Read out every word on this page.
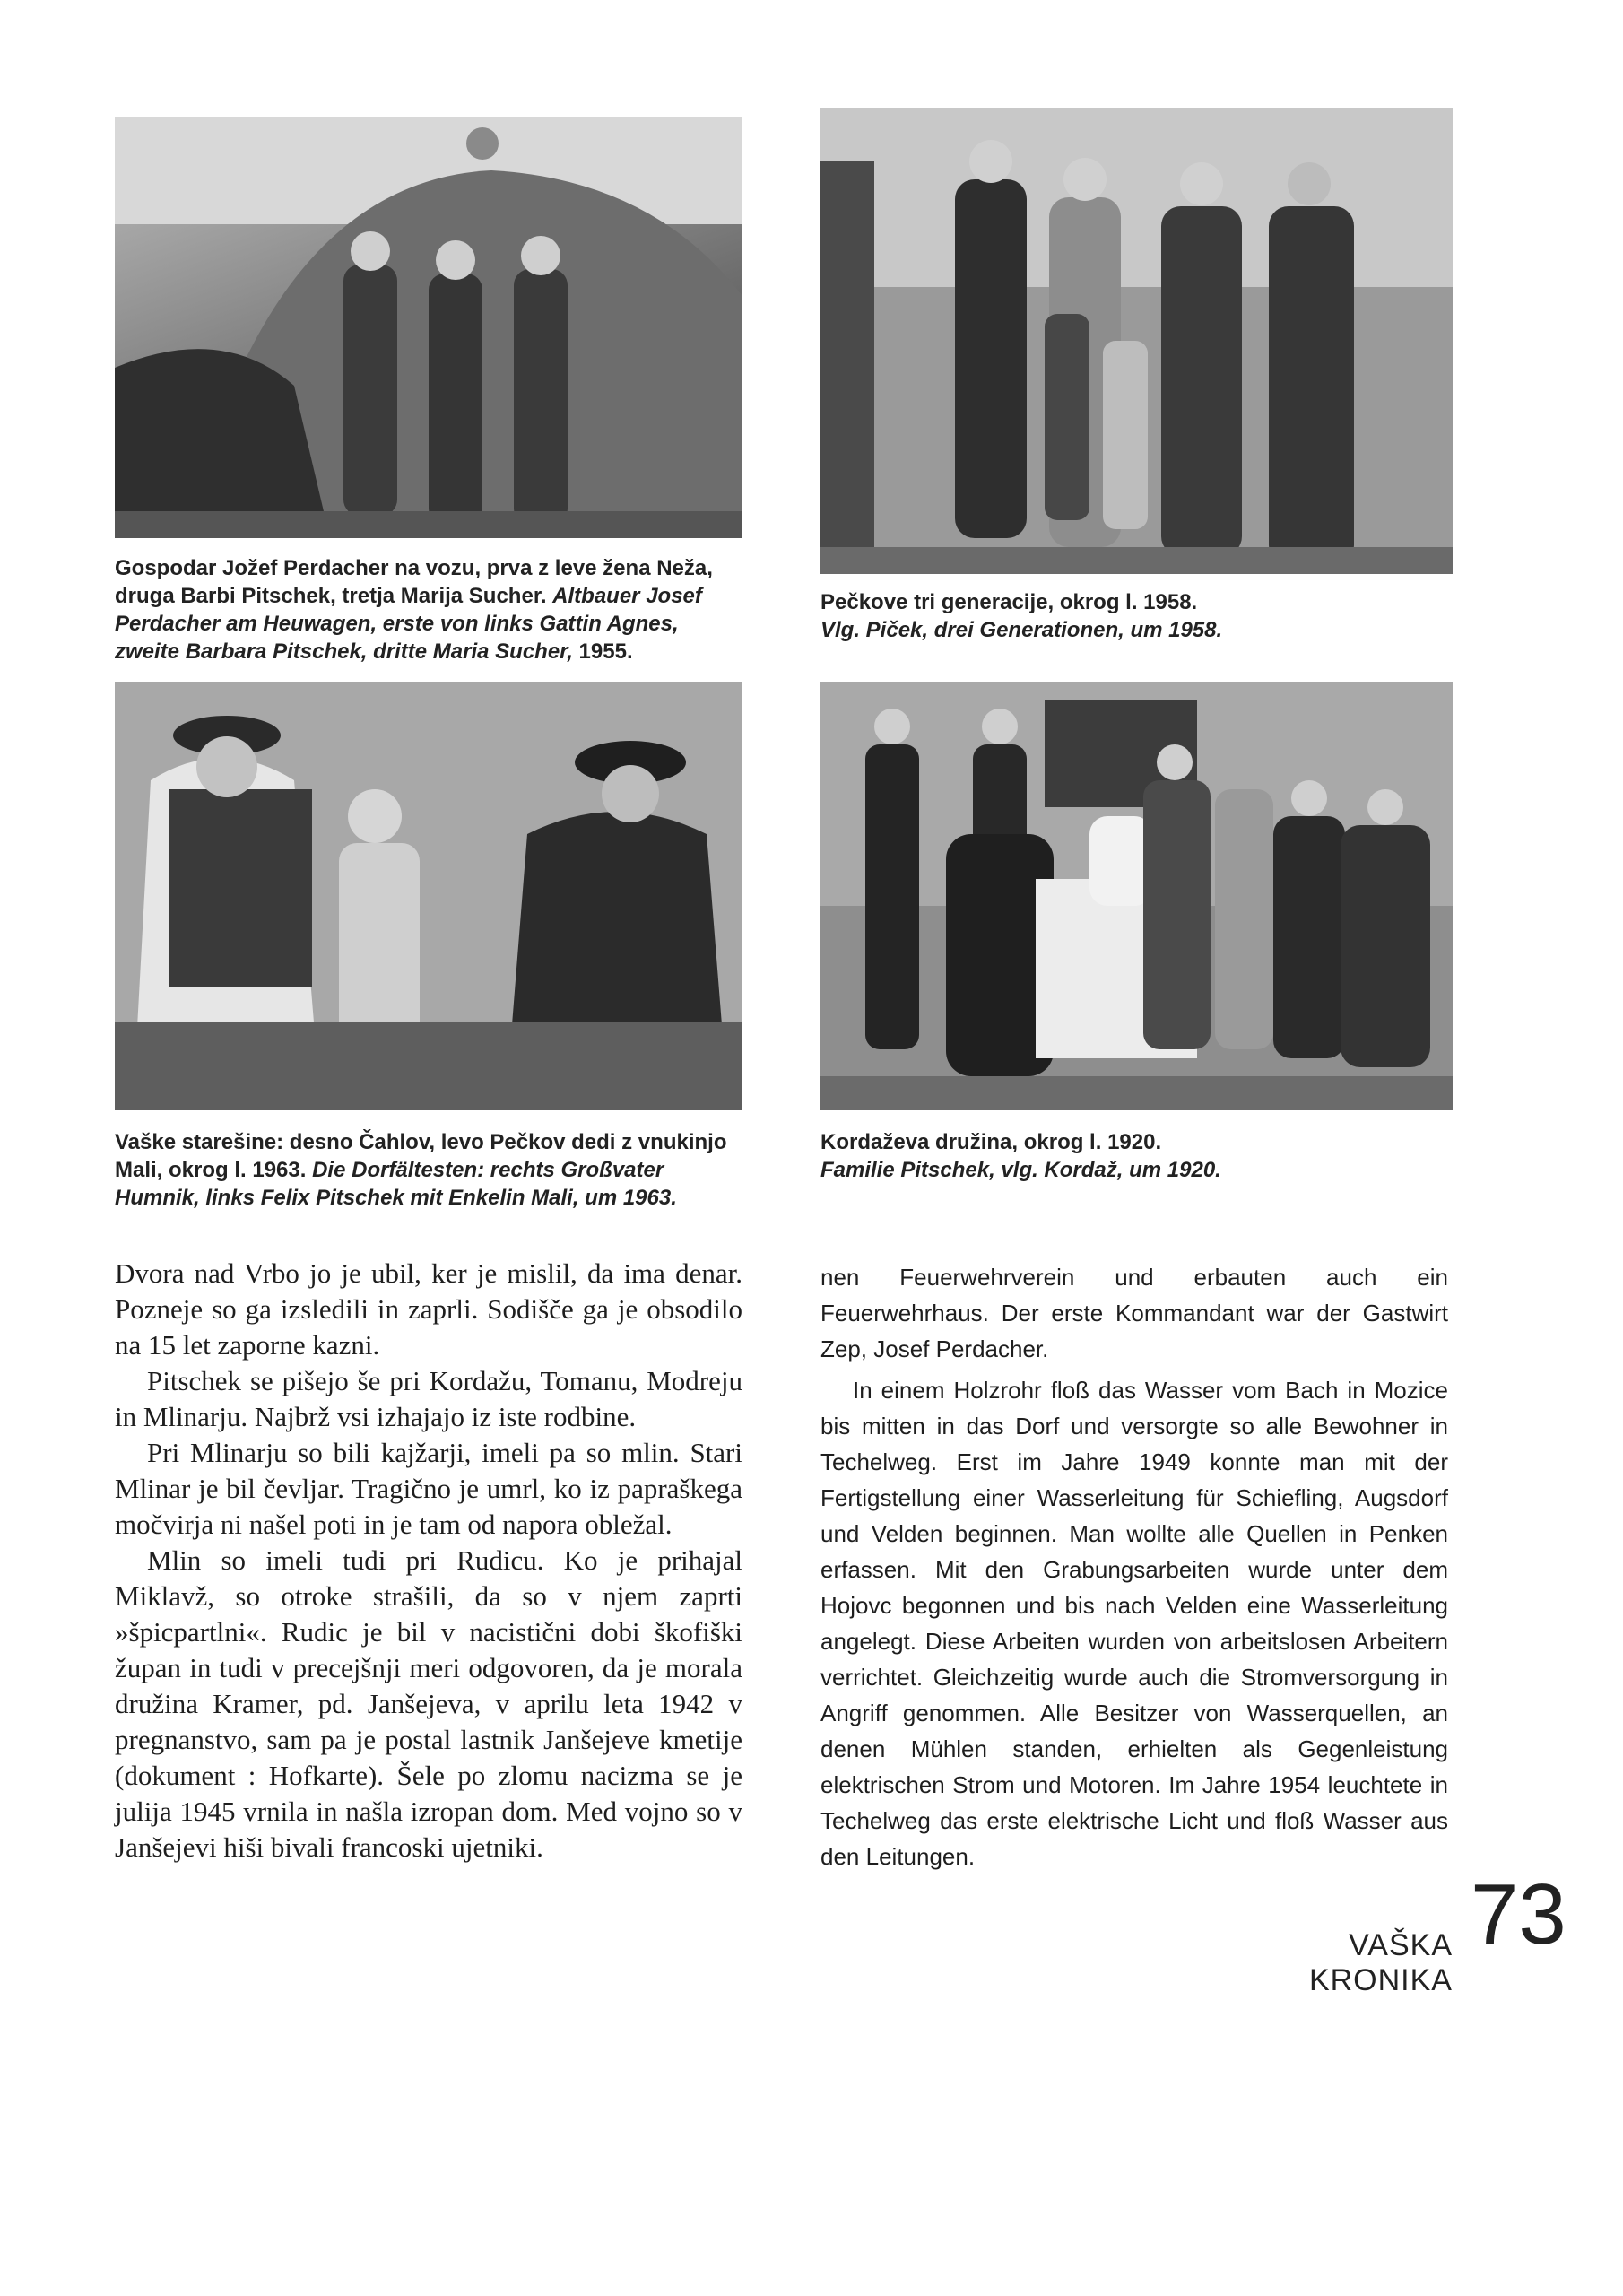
Gospodar Jožef Perdacher na vozu, prva z leve žena Neža, druga Barbi Pitschek, tretja Marija Sucher. Altbauer Josef Perdacher am Heuwagen, erste von links Gattin Agnes, zweite Barbara Pitschek, dritte Maria Sucher, 1955.

Pečkove tri generacije, okrog l. 1958.

Vlg. Piček, drei Generationen, um 1958.

Vaške starešine: desno Čahlov, levo Pečkov dedi z vnukinjo Mali, okrog l. 1963. Die Dorfältesten: rechts Großvater Humnik, links Felix Pitschek mit Enkelin Mali, um 1963.

Kordaževa družina, okrog l. 1920.

Familie Pitschek, vlg. Kordaž, um 1920.

Dvora nad Vrbo jo je ubil, ker je mislil, da ima denar. Pozneje so ga izsledili in zaprli. Sodišče ga je obsodilo na 15 let zaporne kazni.

Pitschek se pišejo še pri Kordažu, Tomanu, Modreju in Mlinarju. Najbrž vsi izhajajo iz iste rodbine.

Pri Mlinarju so bili kajžarji, imeli pa so mlin. Stari Mlinar je bil čevljar. Tragično je umrl, ko iz papraškega močvirja ni našel poti in je tam od napora obležal.

Mlin so imeli tudi pri Rudicu. Ko je prihajal Miklavž, so otroke strašili, da so v njem zaprti »špicpartlni«. Rudic je bil v nacistični dobi škofiški župan in tudi v precejšnji meri odgovoren, da je morala družina Kramer, pd. Janšejeva, v aprilu leta 1942 v pregnanstvo, sam pa je postal lastnik Janšejeve kmetije (dokument : Hofkarte). Šele po zlomu nacizma se je julija 1945 vrnila in našla izropan dom. Med vojno so v Janšejevi hiši bivali francoski ujetniki.

nen Feuerwehrverein und erbauten auch ein Feuerwehrhaus. Der erste Kommandant war der Gastwirt Zep, Josef Perdacher.

In einem Holzrohr floß das Wasser vom Bach in Mozice bis mitten in das Dorf und versorgte so alle Bewohner in Techelweg. Erst im Jahre 1949 konnte man mit der Fertigstellung einer Wasserleitung für Schiefling, Augsdorf und Velden beginnen. Man wollte alle Quellen in Penken erfassen. Mit den Grabungsarbeiten wurde unter dem Hojovc begonnen und bis nach Velden eine Wasserleitung angelegt. Diese Arbeiten wurden von arbeitslosen Arbeitern verrichtet. Gleichzeitig wurde auch die Stromversorgung in Angriff genommen. Alle Besitzer von Wasserquellen, an denen Mühlen standen, erhielten als Gegenleistung elektrischen Strom und Motoren. Im Jahre 1954 leuchtete in Techelweg das erste elektrische Licht und floß Wasser aus den Leitungen.

VAŠKA KRONIKA
73
